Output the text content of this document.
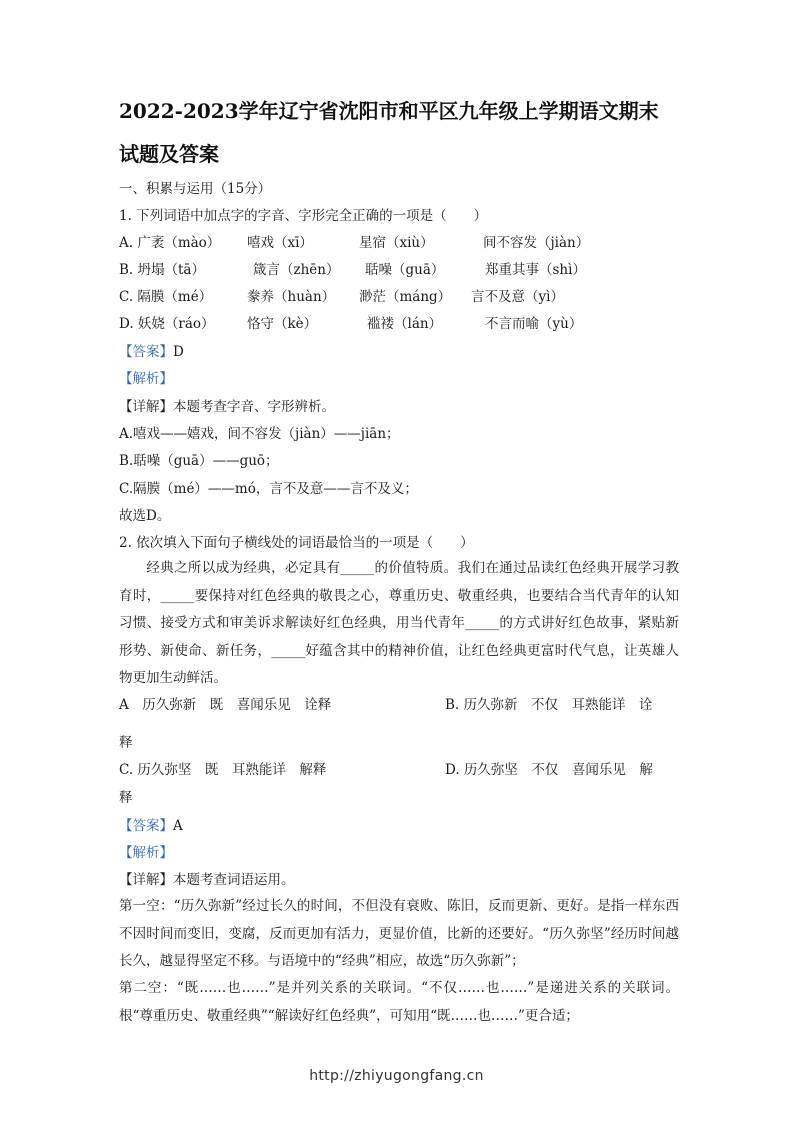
2022-2023学年辽宁省沈阳市和平区九年级上学期语文期末
试题及答案
一、积累与运用（15分）
1. 下列词语中加点字的字音、字形完全正确的一项是（　　）
A. 广袤（mào） 嘻戏（xī）	星宿（xiù）	间不容发（jiàn）
B. 坍塌（tā）	箴言（zhēn） 聒噪（guā）	郑重其事（shì）
C. 隔膜（mé）	豢养（huàn） 渺茫（máng） 言不及意（yì）
D. 妖娆（ráo） 恪守（kè）	褴褛（lán）	不言而喻（yù）
【答案】D
【解析】
【详解】本题考查字音、字形辨析。
A.嘻戏——嬉戏，间不容发（jiàn）——jiān；
B.聒噪（guā）——guō；
C.隔膜（mé）——mó，言不及意——言不及义；
故选D。
2. 依次填入下面句子横线处的词语最恰当的一项是（　　）
经典之所以成为经典，必定具有_____的价值特质。我们在通过品读红色经典开展学习教育时，_____要保持对红色经典的敬畏之心，尊重历史、敬重经典，也要结合当代青年的认知习惯、接受方式和审美诉求解读好红色经典，用当代青年_____的方式讲好红色故事，紧贴新形势、新使命、新任务，_____好蕴含其中的精神价值，让红色经典更富时代气息，让英雄人物更加生动鲜活。
A　历久弥新　既　喜闻乐见　诠释	B. 历久弥新　不仅　耳熟能详　诠
释
C. 历久弥坚　既　耳熟能详　解释	D. 历久弥坚　不仅　喜闻乐见　解
释
【答案】A
【解析】
【详解】本题考查词语运用。
第一空：“历久弥新”经过长久的时间，不但没有衰败、陈旧，反而更新、更好。是指一样东西不因时间而变旧，变腐，反而更加有活力，更显价值，比新的还要好。“历久弥坚”经历时间越长久，越显得坚定不移。与语境中的“经典”相应，故选“历久弥新”；
第二空：“既……也……”是并列关系的关联词。“不仅……也……”是递进关系的关联词。根“尊重历史、敬重经典”“解读好红色经典”，可知用“既……也……”更合适；
http://zhiyugongfang.cn
